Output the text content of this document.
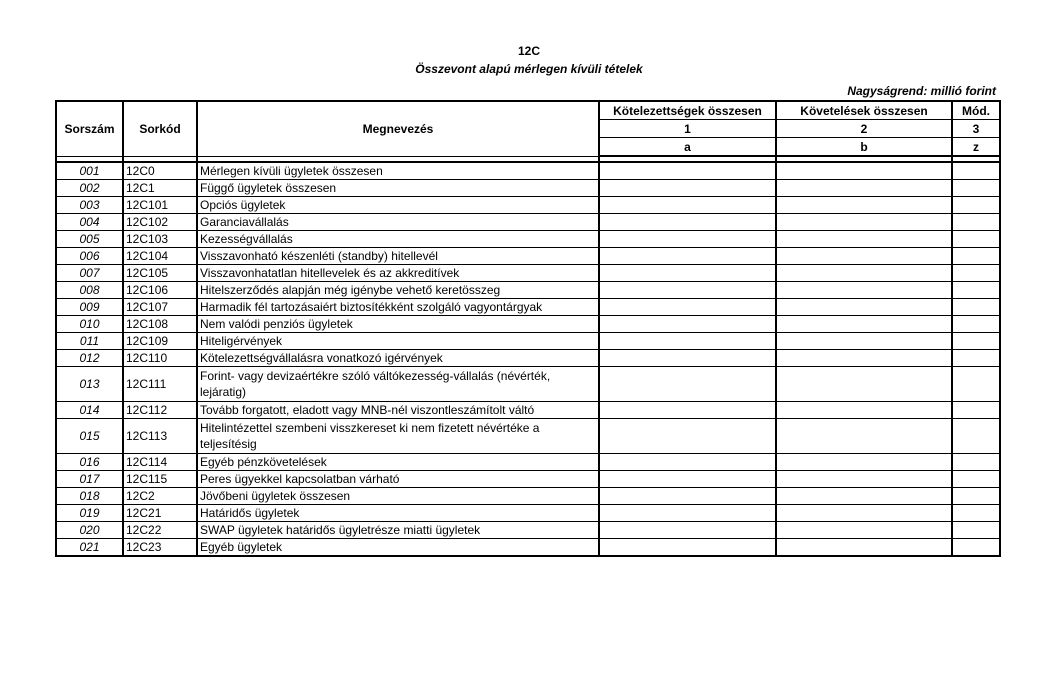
12C
Összevont alapú mérlegen kívüli tételek
Nagyságrend: millió forint
Sorszám	Sorkód	Megnevezés	Kötelezettségek összesen	Követelések összesen	Mód.
			1	2	3
			a	b	z

001	12C0	Mérlegen kívüli ügyletek összesen			
002	12C1	Függő ügyletek összesen			
003	12C101	Opciós ügyletek			
004	12C102	Garanciavállalás			
005	12C103	Kezességvállalás			
006	12C104	Visszavonható készenléti (standby) hitellevél			
007	12C105	Visszavonhatatlan hitellevelek és az akkreditívek			
008	12C106	Hitelszerződés alapján még igénybe vehető keretösszeg			
009	12C107	Harmadik fél tartozásaiért biztosítékként szolgáló vagyontárgyak			
010	12C108	Nem valódi penziós ügyletek			
011	12C109	Hiteligérvények			
012	12C110	Kötelezettségvállalásra vonatkozó igérvények			
013	12C111	Forint- vagy devizaértékre szóló váltókezesség-vállalás (névérték, lejáratig)			
014	12C112	Tovább forgatott, eladott vagy MNB-nél viszontleszámítolt váltó			
015	12C113	Hitelintézettel szembeni visszkereset ki nem fizetett névértéke a teljesítésig			
016	12C114	Egyéb pénzkövetelések			
017	12C115	Peres ügyekkel kapcsolatban várható			
018	12C2	Jövőbeni ügyletek összesen			
019	12C21	Határidős ügyletek			
020	12C22	SWAP ügyletek határidős ügyletrésze miatti ügyletek			
021	12C23	Egyéb ügyletek			
